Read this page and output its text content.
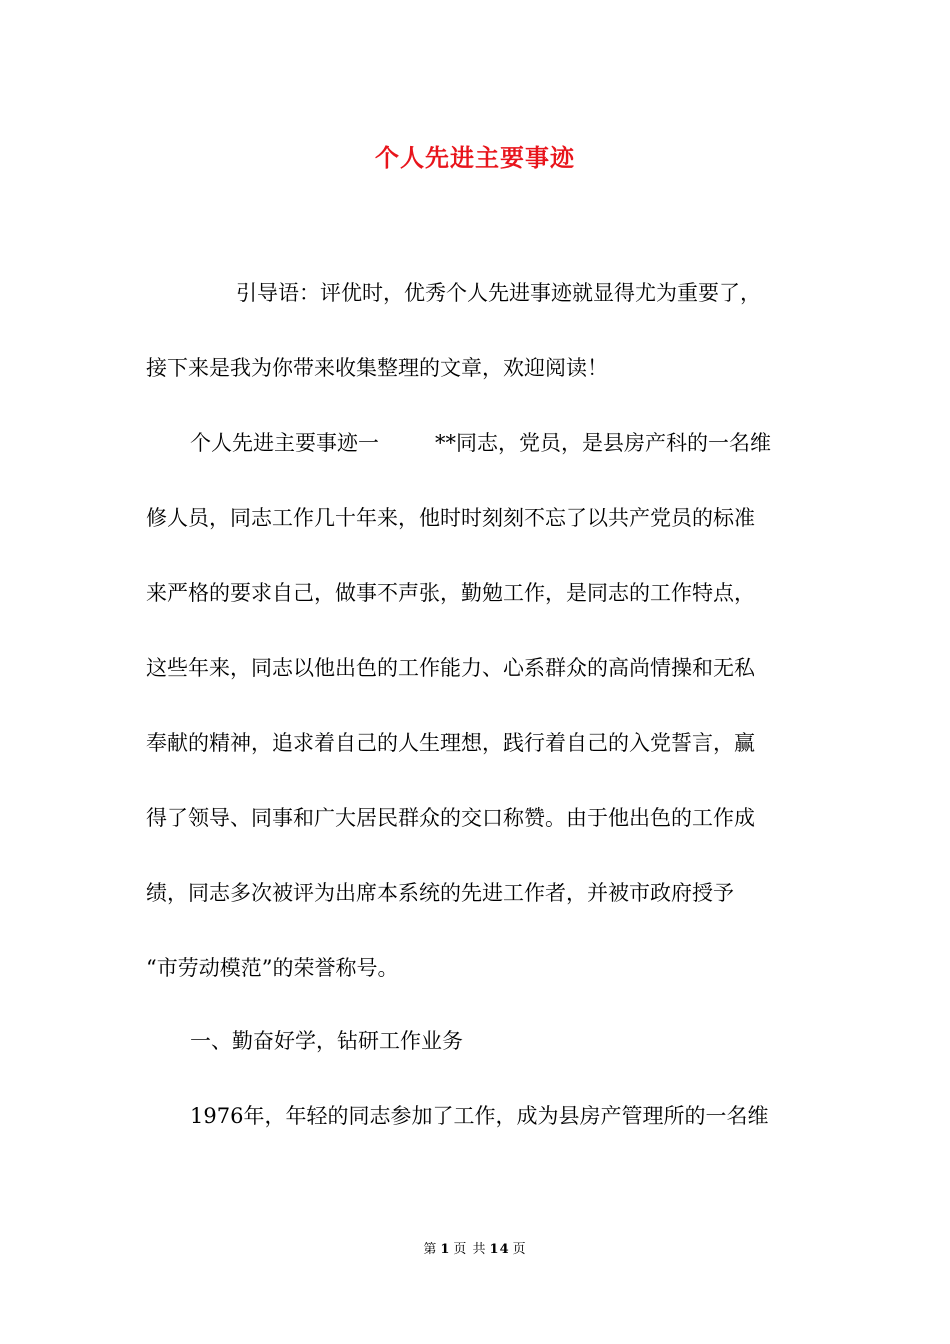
个人先进主要事迹
引导语：评优时，优秀个人先进事迹就显得尤为重要了，
接下来是我为你带来收集整理的文章，欢迎阅读！
个人先进主要事迹一	**同志，党员，是县房产科的一名维
修人员，同志工作几十年来，他时时刻刻不忘了以共产党员的标准
来严格的要求自己，做事不声张，勤勉工作，是同志的工作特点，
这些年来，同志以他出色的工作能力、心系群众的高尚情操和无私
奉献的精神，追求着自己的人生理想，践行着自己的入党誓言，赢
得了领导、同事和广大居民群众的交口称赞。由于他出色的工作成
绩，同志多次被评为出席本系统的先进工作者，并被市政府授予
“市劳动模范”的荣誉称号。
一、勤奋好学，钻研工作业务
1976年，年轻的同志参加了工作，成为县房产管理所的一名维
第 1 页 共 14 页
